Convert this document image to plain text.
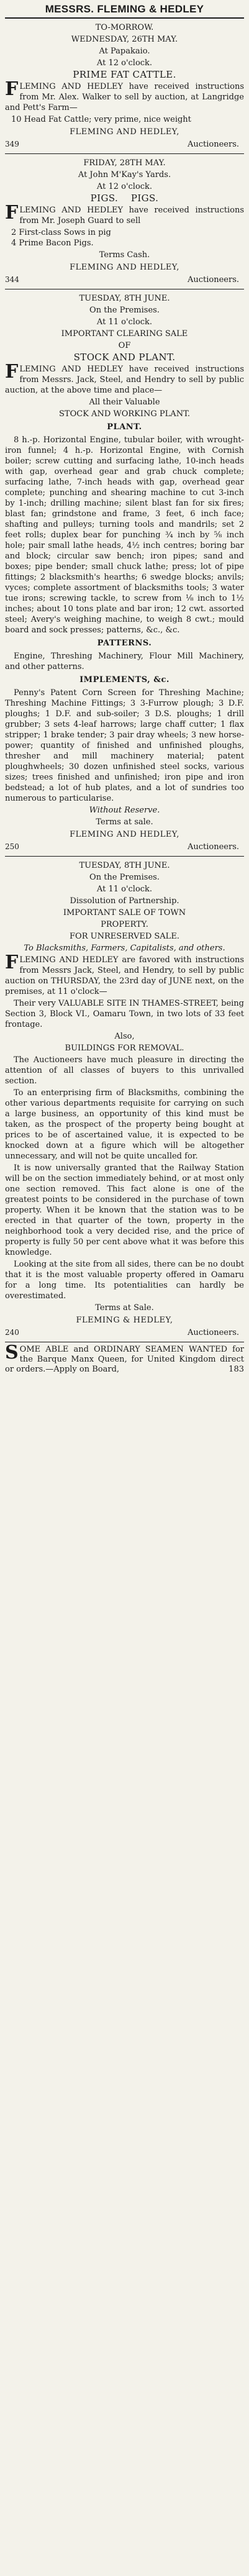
MESSRS. FLEMING & HEDLEY
TO-MORROW.
WEDNESDAY, 26TH MAY.
At Papakaio.
At 12 o'clock.
PRIME FAT CATTLE.
FLEMING AND HEDLEY have received instructions from Mr. Alex. Walker to sell by auction, at Langridge and Pett's Farm—
10 Head Fat Cattle; very prime, nice weight
FLEMING AND HEDLEY,
Auctioneers.
349
FRIDAY, 28TH MAY.
At John M'Kay's Yards.
At 12 o'clock.
PIGS.    PIGS.
FLEMING AND HEDLEY have received instructions from Mr. Joseph Guard to sell
2 First-class Sows in pig
4 Prime Bacon Pigs.
Terms Cash.
FLEMING AND HEDLEY,
Auctioneers.
344
TUESDAY, 8TH JUNE.
On the Premises.
At 11 o'clock.
IMPORTANT CLEARING SALE
OF
STOCK AND PLANT.
FLEMING AND HEDLEY have received instructions from Messrs. Jack, Steel, and Hendry to sell by public auction, at the above time and place—
All their Valuable
STOCK AND WORKING PLANT.
PLANT.
8 h.-p. Horizontal Engine, tubular boiler, with wrought-iron funnel; 4 h.-p. Horizontal Engine, with Cornish boiler; screw cutting and surfacing lathe, 10-inch heads with gap, overhead gear and grab chuck complete; surfacing lathe, 7-inch heads with gap, overhead gear complete; punching and shearing machine to cut 3-inch by 1-inch; drilling machine; silent blast fan for six fires; blast fan; grindstone and frame, 3 feet, 6 inch face; shafting and pulleys; turning tools and mandrils; set 2 feet rolls; duplex bear for punching ¾ inch by ⅝ inch hole; pair small lathe heads, 4½ inch centres; boring bar and block; circular saw bench; iron pipes; sand and boxes; pipe bender; small chuck lathe; press; lot of pipe fittings; 2 blacksmith's hearths; 6 swedge blocks; anvils; vyces; complete assortment of blacksmiths tools; 3 water tue irons; screwing tackle, to screw from ⅛ inch to 1½ inches; about 10 tons plate and bar iron; 12 cwt. assorted steel; Avery's weighing machine, to weigh 8 cwt.; mould board and sock presses; patterns, &c., &c.
PATTERNS.
Engine, Threshing Machinery, Flour Mill Machinery, and other patterns.
IMPLEMENTS, &c.
Penny's Patent Corn Screen for Threshing Machine; Threshing Machine Fittings; 3 3-Furrow plough; 3 D.F. ploughs; 1 D.F. and sub-soiler; 3 D.S. ploughs; 1 drill grubber; 3 sets 4-leaf harrows; large chaff cutter; 1 flax stripper; 1 brake tender; 3 pair dray wheels; 3 new horse-power; quantity of finished and unfinished ploughs, thresher and mill machinery material; patent ploughwheels; 30 dozen unfinished steel socks, various sizes; trees finished and unfinished; iron pipe and iron bedstead; a lot of hub plates, and a lot of sundries too numerous to particularise.
Without Reserve.
Terms at sale.
FLEMING AND HEDLEY,
Auctioneers.
250
TUESDAY, 8TH JUNE.
On the Premises.
At 11 o'clock.
Dissolution of Partnership.
IMPORTANT SALE OF TOWN
PROPERTY.
FOR UNRESERVED SALE.
To Blacksmiths, Farmers, Capitalists, and others.
FLEMING AND HEDLEY are favored with instructions from Messrs Jack, Steel, and Hendry, to sell by public auction on THURSDAY, the 23rd day of JUNE next, on the premises, at 11 o'clock—
Their very VALUABLE SITE IN THAMES-STREET, being Section 3, Block VI., Oamaru Town, in two lots of 33 feet frontage.
Also,
BUILDINGS FOR REMOVAL.
The Auctioneers have much pleasure in directing the attention of all classes of buyers to this unrivalled section.
To an enterprising firm of Blacksmiths, combining the other various departments requisite for carrying on such a large business, an opportunity of this kind must be taken, as the prospect of the property being bought at prices to be of ascertained value, it is expected to be knocked down at a figure which will be altogether unnecessary, and will not be quite uncalled for.
It is now universally granted that the Railway Station will be on the section immediately behind, or at most only one section removed. This fact alone is one of the greatest points to be considered in the purchase of town property. When it be known that the station was to be erected in that quarter of the town, property in the neighborhood took a very decided rise, and the price of property is fully 50 per cent above what it was before this knowledge.
Looking at the site from all sides, there can be no doubt that it is the most valuable property offered in Oamaru for a long time. Its potentialities can hardly be overestimated.
Terms at Sale.
FLEMING & HEDLEY,
Auctioneers.
240
SOME ABLE and ORDINARY SEAMEN WANTED for the Barque Manx Queen, for United Kingdom direct or orders.—Apply on Board,	183
